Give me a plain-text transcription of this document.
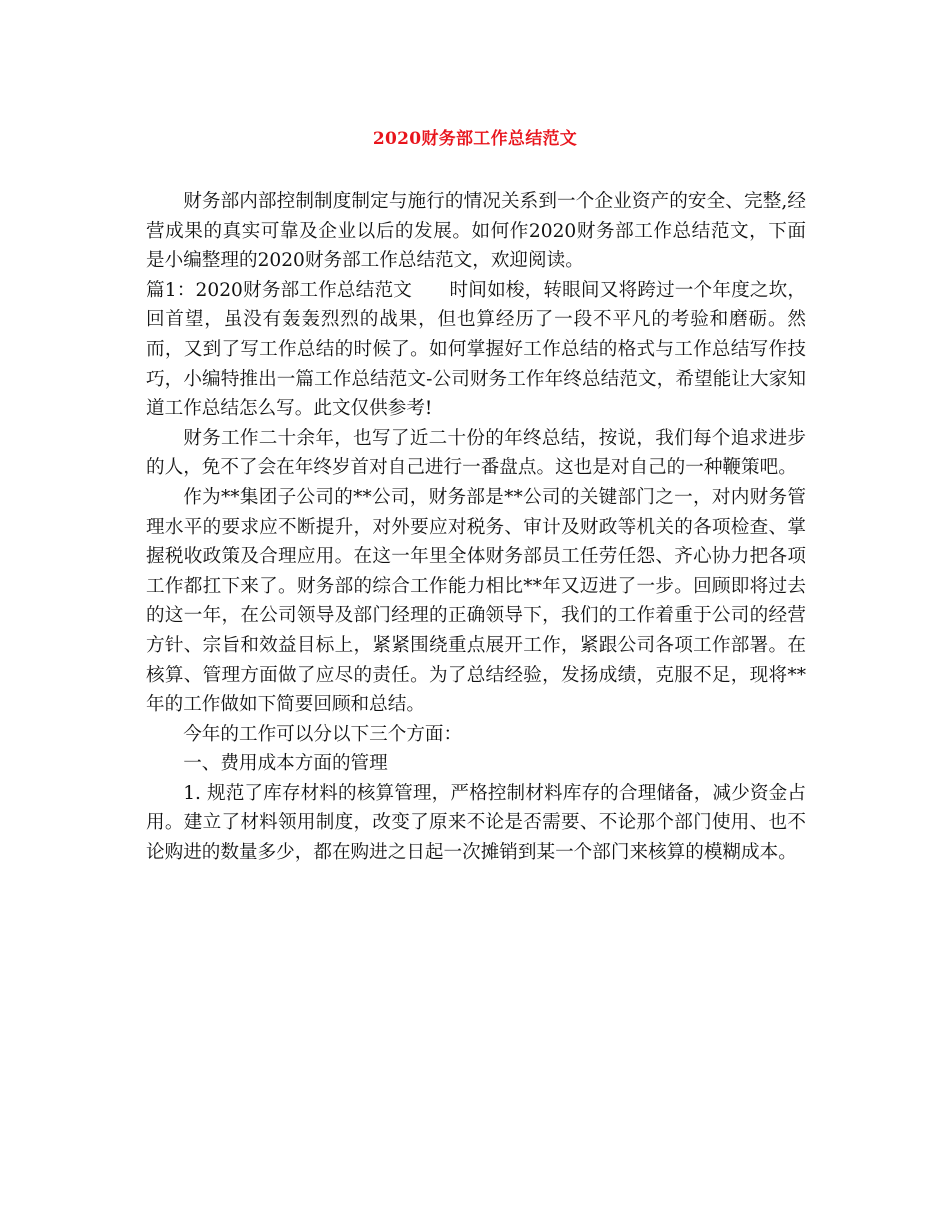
2020财务部工作总结范文

财务部内部控制制度制定与施行的情况关系到一个企业资产的安全、完整,经营成果的真实可靠及企业以后的发展。如何作2020财务部工作总结范文，下面是小编整理的2020财务部工作总结范文，欢迎阅读。

篇1：2020财务部工作总结范文　　时间如梭，转眼间又将跨过一个年度之坎，回首望，虽没有轰轰烈烈的战果，但也算经历了一段不平凡的考验和磨砺。然而，又到了写工作总结的时候了。如何掌握好工作总结的格式与工作总结写作技巧，小编特推出一篇工作总结范文-公司财务工作年终总结范文，希望能让大家知道工作总结怎么写。此文仅供参考!

财务工作二十余年，也写了近二十份的年终总结，按说，我们每个追求进步的人，免不了会在年终岁首对自己进行一番盘点。这也是对自己的一种鞭策吧。

作为**集团子公司的**公司，财务部是**公司的关键部门之一，对内财务管理水平的要求应不断提升，对外要应对税务、审计及财政等机关的各项检查、掌握税收政策及合理应用。在这一年里全体财务部员工任劳任怨、齐心协力把各项工作都扛下来了。财务部的综合工作能力相比**年又迈进了一步。回顾即将过去的这一年，在公司领导及部门经理的正确领导下，我们的工作着重于公司的经营方针、宗旨和效益目标上，紧紧围绕重点展开工作，紧跟公司各项工作部署。在核算、管理方面做了应尽的责任。为了总结经验，发扬成绩，克服不足，现将**年的工作做如下简要回顾和总结。

今年的工作可以分以下三个方面：

一、费用成本方面的管理

1. 规范了库存材料的核算管理，严格控制材料库存的合理储备，减少资金占用。建立了材料领用制度，改变了原来不论是否需要、不论那个部门使用、也不论购进的数量多少，都在购进之日起一次摊销到某一个部门来核算的模糊成本。
